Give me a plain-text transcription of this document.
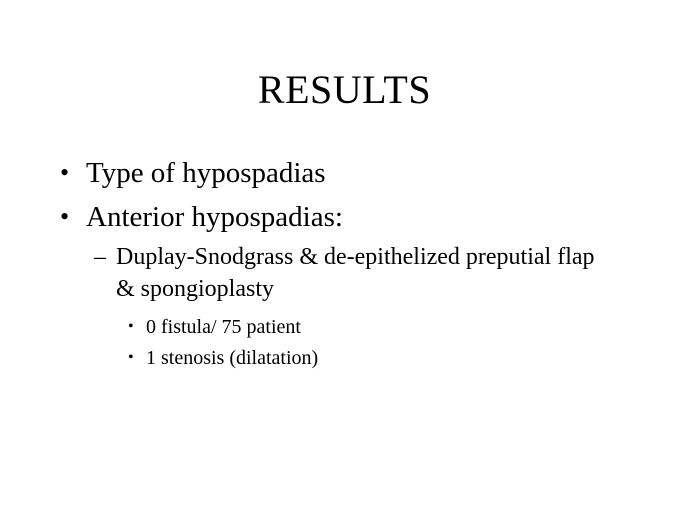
RESULTS
• Type of hypospadias
• Anterior hypospadias:
– Duplay-Snodgrass & de-epithelized preputial flap & spongioplasty
• 0 fistula/ 75 patient
• 1 stenosis (dilatation)
